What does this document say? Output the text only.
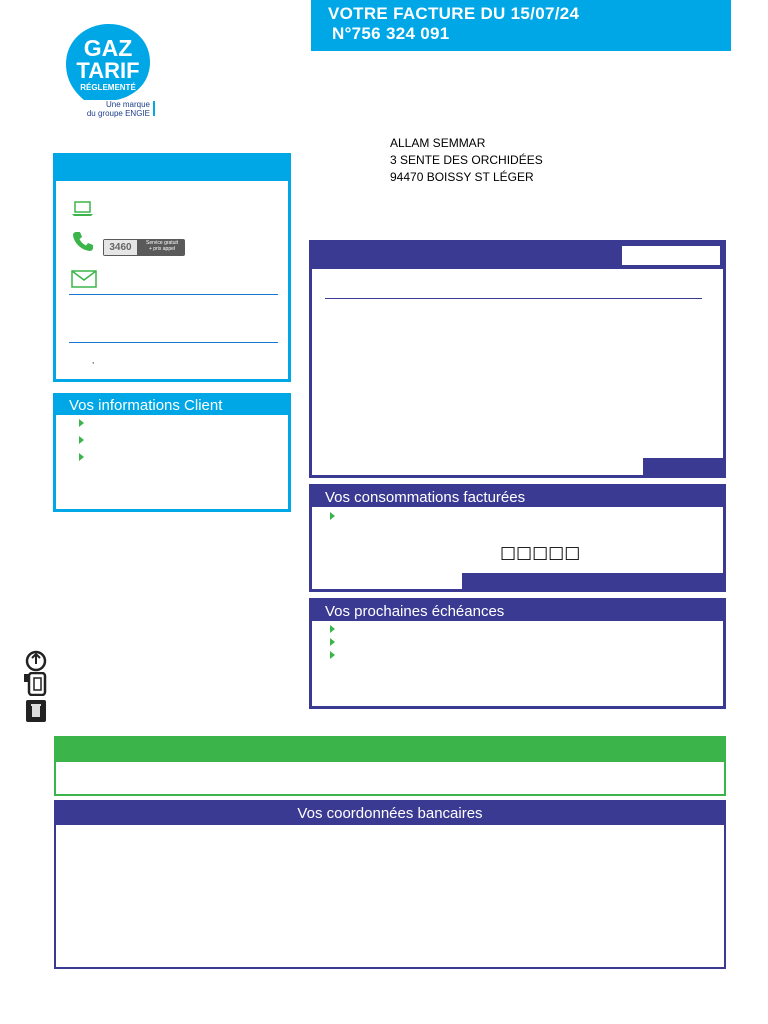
VOTRE FACTURE DU 15/07/24
N°756 324 091
GAZ
TARIF
RÉGLEMENTÉ
Une marque
du groupe ENGIE
ALLAM SEMMAR
3 SENTE DES ORCHIDÉES
94470 BOISSY ST LÉGER
3460	Service gratuit
+ prix appel
,
Vos informations Client
Vos consommations facturées
□□□□□
Vos prochaines échéances
Vos coordonnées bancaires
